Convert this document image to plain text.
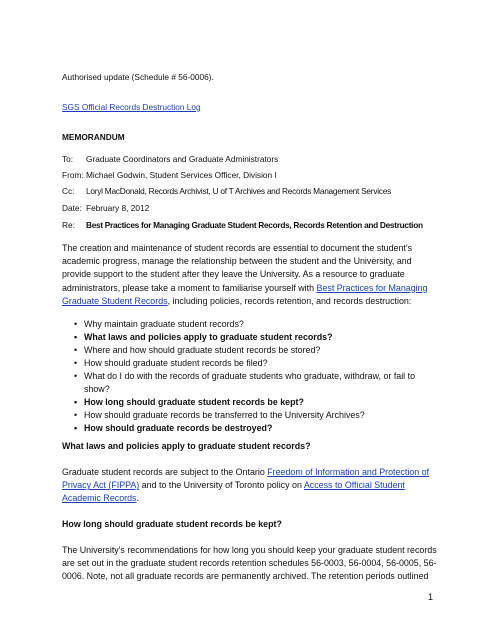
Authorised update (Schedule # 56-0006).
SGS Official Records Destruction Log
MEMORANDUM
To: Graduate Coordinators and Graduate Administrators
From: Michael Godwin, Student Services Officer, Division I
Cc: Loryl MacDonald, Records Archivist, U of T Archives and Records Management Services
Date: February 8, 2012
Re: Best Practices for Managing Graduate Student Records, Records Retention and Destruction
The creation and maintenance of student records are essential to document the student's
academic progress, manage the relationship between the student and the University, and
provide support to the student after they leave the University. As a resource to graduate
administrators, please take a moment to familiarise yourself with Best Practices for Managing
Graduate Student Records, including policies, records retention, and records destruction:
• Why maintain graduate student records?
• What laws and policies apply to graduate student records?
• Where and how should graduate student records be stored?
• How should graduate student records be filed?
• What do I do with the records of graduate students who graduate, withdraw, or fail to
show?
• How long should graduate student records be kept?
• How should graduate records be transferred to the University Archives?
• How should graduate records be destroyed?
What laws and policies apply to graduate student records?
Graduate student records are subject to the Ontario Freedom of Information and Protection of
Privacy Act (FIPPA) and to the University of Toronto policy on Access to Official Student
Academic Records.
How long should graduate student records be kept?
The University's recommendations for how long you should keep your graduate student records
are set out in the graduate student records retention schedules 56-0003, 56-0004, 56-0005, 56-
0006. Note, not all graduate records are permanently archived. The retention periods outlined
1
